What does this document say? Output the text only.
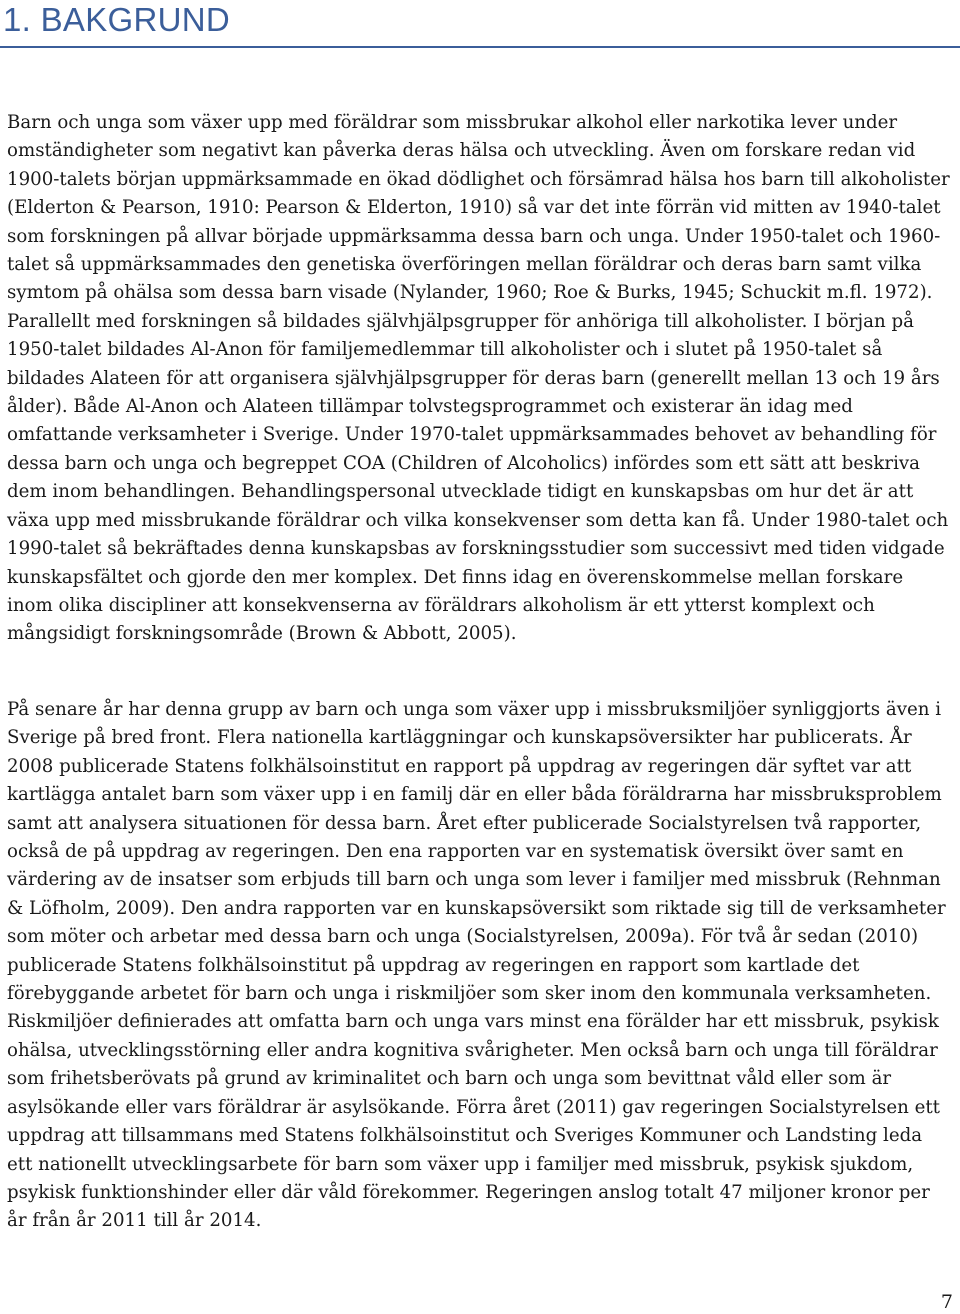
1. BAKGRUND

Barn och unga som växer upp med föräldrar som missbrukar alkohol eller narkotika lever under omständigheter som negativt kan påverka deras hälsa och utveckling. Även om forskare redan vid 1900-talets början uppmärksammade en ökad dödlighet och försämrad hälsa hos barn till alkoholister (Elderton & Pearson, 1910: Pearson & Elderton, 1910) så var det inte förrän vid mitten av 1940-talet som forskningen på allvar började uppmärksamma dessa barn och unga. Under 1950-talet och 1960-talet så uppmärksammades den genetiska överföringen mellan föräldrar och deras barn samt vilka symtom på ohälsa som dessa barn visade (Nylander, 1960; Roe & Burks, 1945; Schuckit m.fl. 1972). Parallellt med forskningen så bildades självhjälpsgrupper för anhöriga till alkoholister. I början på 1950-talet bildades Al-Anon för familjemedlemmar till alkoholister och i slutet på 1950-talet så bildades Alateen för att organisera självhjälpsgrupper för deras barn (generellt mellan 13 och 19 års ålder). Både Al-Anon och Alateen tillämpar tolvstegsprogrammet och existerar än idag med omfattande verksamheter i Sverige. Under 1970-talet uppmärksammades behovet av behandling för dessa barn och unga och begreppet COA (Children of Alcoholics) infördes som ett sätt att beskriva dem inom behandlingen. Behandlingspersonal utvecklade tidigt en kunskapsbas om hur det är att växa upp med missbrukande föräldrar och vilka konsekvenser som detta kan få. Under 1980-talet och 1990-talet så bekräftades denna kunskapsbas av forskningsstudier som successivt med tiden vidgade kunskapsfältet och gjorde den mer komplex. Det finns idag en överenskommelse mellan forskare inom olika discipliner att konsekvenserna av föräldrars alkoholism är ett ytterst komplext och mångsidigt forskningsområde (Brown & Abbott, 2005).

På senare år har denna grupp av barn och unga som växer upp i missbruksmiljöer synliggjorts även i Sverige på bred front. Flera nationella kartläggningar och kunskapsöversikter har publicerats. År 2008 publicerade Statens folkhälsoinstitut en rapport på uppdrag av regeringen där syftet var att kartlägga antalet barn som växer upp i en familj där en eller båda föräldrarna har missbruksproblem samt att analysera situationen för dessa barn. Året efter publicerade Socialstyrelsen två rapporter, också de på uppdrag av regeringen. Den ena rapporten var en systematisk översikt över samt en värdering av de insatser som erbjuds till barn och unga som lever i familjer med missbruk (Rehnman & Löfholm, 2009). Den andra rapporten var en kunskapsöversikt som riktade sig till de verksamheter som möter och arbetar med dessa barn och unga (Socialstyrelsen, 2009a). För två år sedan (2010) publicerade Statens folkhälsoinstitut på uppdrag av regeringen en rapport som kartlade det förebyggande arbetet för barn och unga i riskmiljöer som sker inom den kommunala verksamheten. Riskmiljöer definierades att omfatta barn och unga vars minst ena förälder har ett missbruk, psykisk ohälsa, utvecklingsstörning eller andra kognitiva svårigheter. Men också barn och unga till föräldrar som frihetsberövats på grund av kriminalitet och barn och unga som bevittnat våld eller som är asylsökande eller vars föräldrar är asylsökande. Förra året (2011) gav regeringen Socialstyrelsen ett uppdrag att tillsammans med Statens folkhälsoinstitut och Sveriges Kommuner och Landsting leda ett nationellt utvecklingsarbete för barn som växer upp i familjer med missbruk, psykisk sjukdom, psykisk funktionshinder eller där våld förekommer. Regeringen anslog totalt 47 miljoner kronor per år från år 2011 till år 2014.

7
